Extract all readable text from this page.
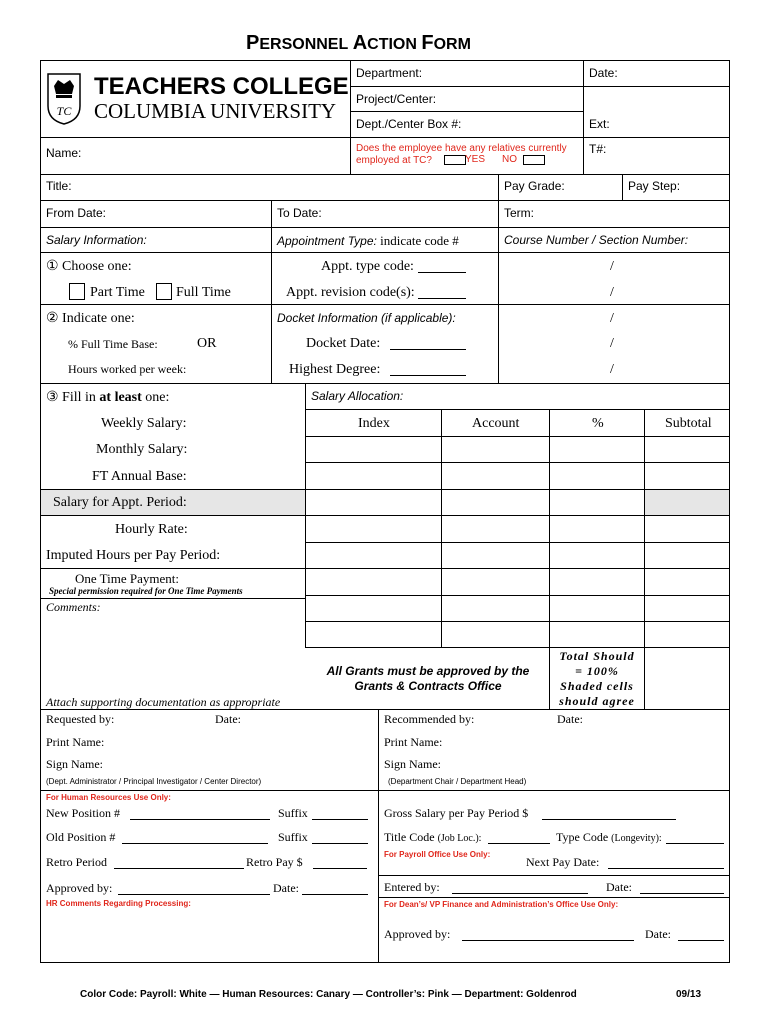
PERSONNEL ACTION FORM
TC
TEACHERS COLLEGE
COLUMBIA UNIVERSITY
Department:	Date:
Project/Center:
Dept./Center Box #:	Ext:
Name:	Does the employee have any relatives currently employed at TC?	YES NO
T#:
Title:	Pay Grade:	Pay Step:
From Date:	To Date:	Term:
Salary Information:	Appointment Type: indicate code #	Course Number / Section Number:
① Choose one:
Part Time Full Time
Appt. type code:
Appt. revision code(s):
/
/
② Indicate one:
% Full Time Base:	OR
Hours worked per week:
Docket Information (if applicable):
Docket Date:
Highest Degree:
/
/
/
③ Fill in at least one:	Salary Allocation:
Index	Account	%	Subtotal
Weekly Salary:
Monthly Salary:
FT Annual Base:
Salary for Appt. Period:
Hourly Rate:
Imputed Hours per Pay Period:
One Time Payment:
Special permission required for One Time Payments
Comments:
Attach supporting documentation as appropriate
All Grants must be approved by the Grants & Contracts Office
Total Should
= 100%
Shaded cells
should agree
Requested by:	Date:	Recommended by:	Date:
Print Name:	Print Name:
Sign Name:	Sign Name:
(Dept. Administrator / Principal Investigator / Center Director)	(Department Chair / Department Head)
For Human Resources Use Only:
New Position #	Suffix
Old Position #	Suffix
Retro Period	Retro Pay $
Approved by:	Date:
HR Comments Regarding Processing:
Gross Salary per Pay Period $
Title Code (Job Loc.):	Type Code (Longevity):
For Payroll Office Use Only:
Next Pay Date:
Entered by:	Date:
For Dean’s/ VP Finance and Administration’s Office Use Only:
Approved by:	Date:
Color Code: Payroll: White — Human Resources: Canary — Controller’s: Pink — Department: Goldenrod	09/13
